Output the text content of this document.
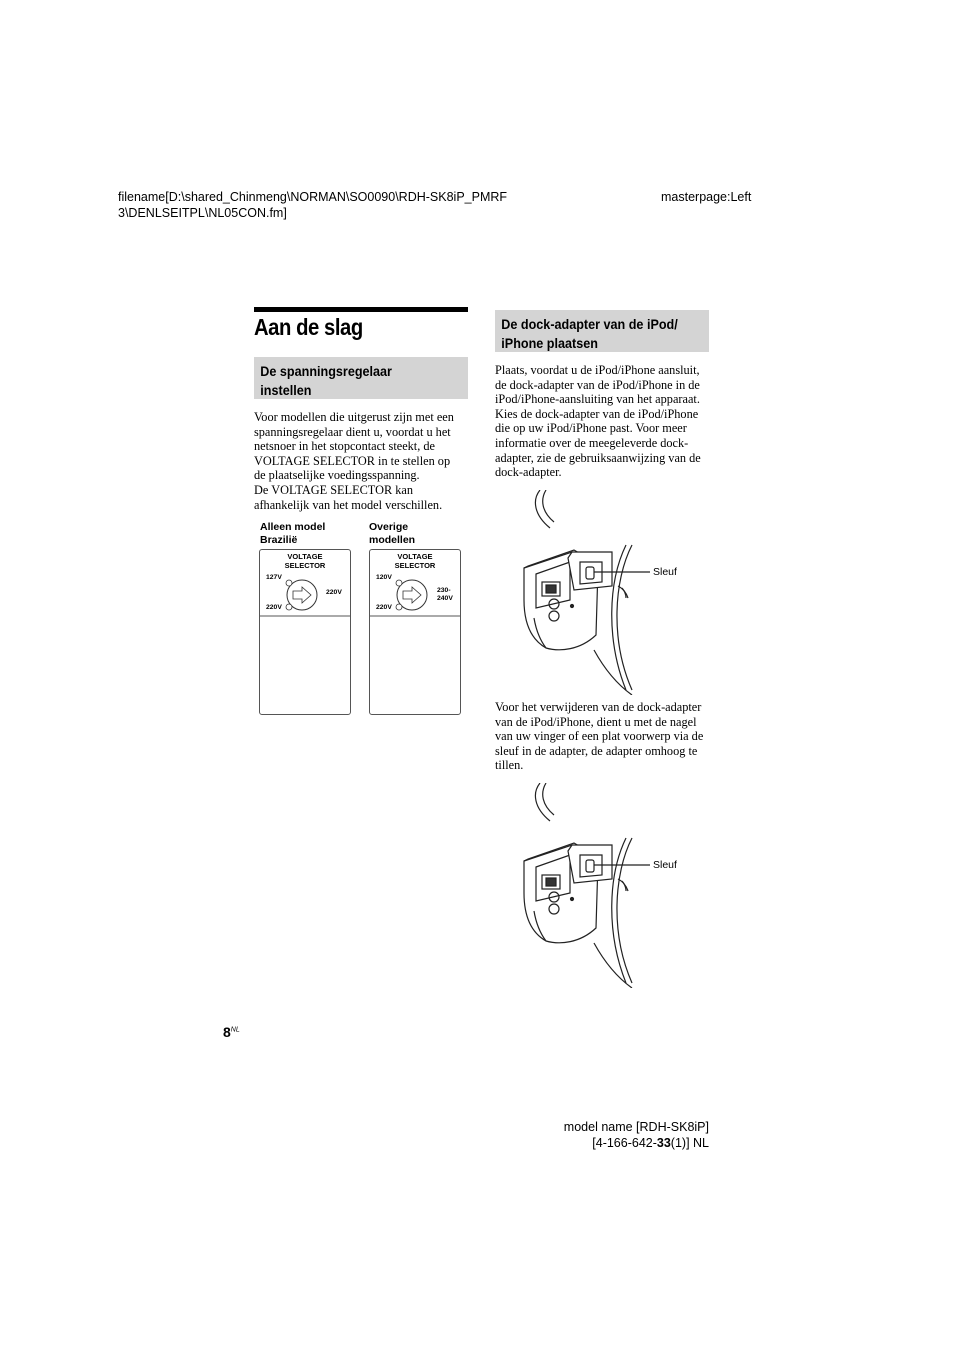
filename[D:\shared_Chinmeng\NORMAN\SO0090\RDH-SK8iP_PMRF
3\DENLSEITPL\NL05CON.fm]
masterpage:Left
Aan de slag
De spanningsregelaar
instellen

Voor modellen die uitgerust zijn met een

spanningsregelaar dient u, voordat u het

netsnoer in het stopcontact steekt, de

VOLTAGE SELECTOR in te stellen op

de plaatselijke voedingsspanning.

De VOLTAGE SELECTOR kan

afhankelijk van het model verschillen.

Alleen model
Brazilië
VOLTAGE
SELECTOR
127V
220V
220V
Overige
modellen
VOLTAGE
SELECTOR
120V
220V
230-
240V
De dock-adapter van de iPod/
iPhone plaatsen

Plaats, voordat u de iPod/iPhone aansluit,

de dock-adapter van de iPod/iPhone in de

iPod/iPhone-aansluiting van het apparaat.

Kies de dock-adapter van de iPod/iPhone

die op uw iPod/iPhone past. Voor meer

informatie over de meegeleverde dock-

adapter, zie de gebruiksaanwijzing van de

dock-adapter.

Sleuf

Voor het verwijderen van de dock-adapter

van de iPod/iPhone, dient u met de nagel

van uw vinger of een plat voorwerp via de

sleuf in de adapter, de adapter omhoog te

tillen.

Sleuf
$8^{NL}$
model name [RDH-SK8iP]
[4-166-642-33(1)] NL
